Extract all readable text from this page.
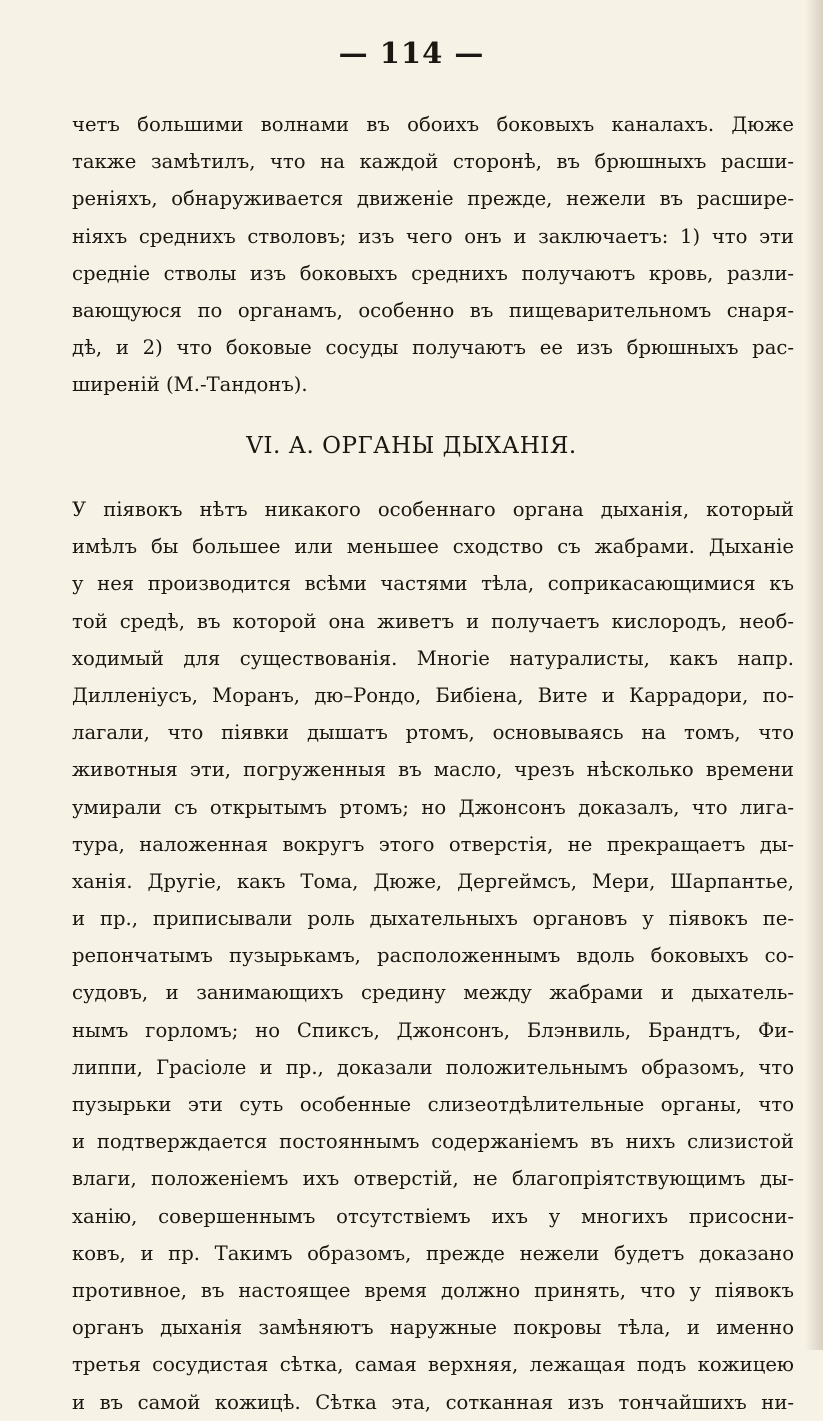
— 114 —
четъ большими волнами въ обоихъ боковыхъ каналахъ. Дюже
также замѣтилъ, что на каждой сторонѣ, въ брюшныхъ расши-
реніяхъ, обнаруживается движеніе прежде, нежели въ расшире-
ніяхъ среднихъ стволовъ; изъ чего онъ и заключаетъ: 1) что эти
средніе стволы изъ боковыхъ среднихъ получаютъ кровь, разли-
вающуюся по органамъ, особенно въ пищеварительномъ снаря-
дѣ, и 2) что боковые сосуды получаютъ ее изъ брюшныхъ рас-
ширеній (М.-Тандонъ).
VI. А. ОРГАНЫ ДЫХАНІЯ.
У піявокъ нѣтъ никакого особеннаго органа дыханія, который
имѣлъ бы большее или меньшее сходство съ жабрами. Дыханіе
у нея производится всѣми частями тѣла, соприкасающимися къ
той средѣ, въ которой она живетъ и получаетъ кислородъ, необ-
ходимый для существованія. Многіе натуралисты, какъ напр.
Дилленіусъ, Моранъ, дю–Рондо, Бибіена, Вите и Каррадори, по-
лагали, что піявки дышатъ ртомъ, основываясь на томъ, что
животныя эти, погруженныя въ масло, чрезъ нѣсколько времени
умирали съ открытымъ ртомъ; но Джонсонъ доказалъ, что лига-
тура, наложенная вокругъ этого отверстія, не прекращаетъ ды-
ханія. Другіе, какъ Тома, Дюже, Дергеймсъ, Мери, Шарпантье,
и пр., приписывали роль дыхательныхъ органовъ у піявокъ пе-
репончатымъ пузырькамъ, расположеннымъ вдоль боковыхъ со-
судовъ, и занимающихъ средину между жабрами и дыхатель-
нымъ горломъ; но Спиксъ, Джонсонъ, Блэнвиль, Брандтъ, Фи-
липпи, Грасіоле и пр., доказали положительнымъ образомъ, что
пузырьки эти суть особенные слизеотдѣлительные органы, что
и подтверждается постояннымъ содержаніемъ въ нихъ слизистой
влаги, положеніемъ ихъ отверстій, не благопріятствующимъ ды-
ханію, совершеннымъ отсутствіемъ ихъ у многихъ присосни-
ковъ, и пр. Такимъ образомъ, прежде нежели будетъ доказано
противное, въ настоящее время должно принять, что у піявокъ
органъ дыханія замѣняютъ наружные покровы тѣла, и именно
третья сосудистая сѣтка, самая верхняя, лежащая подъ кожицею
и въ самой кожицѣ. Сѣтка эта, сотканная изъ тончайшихъ ни-
